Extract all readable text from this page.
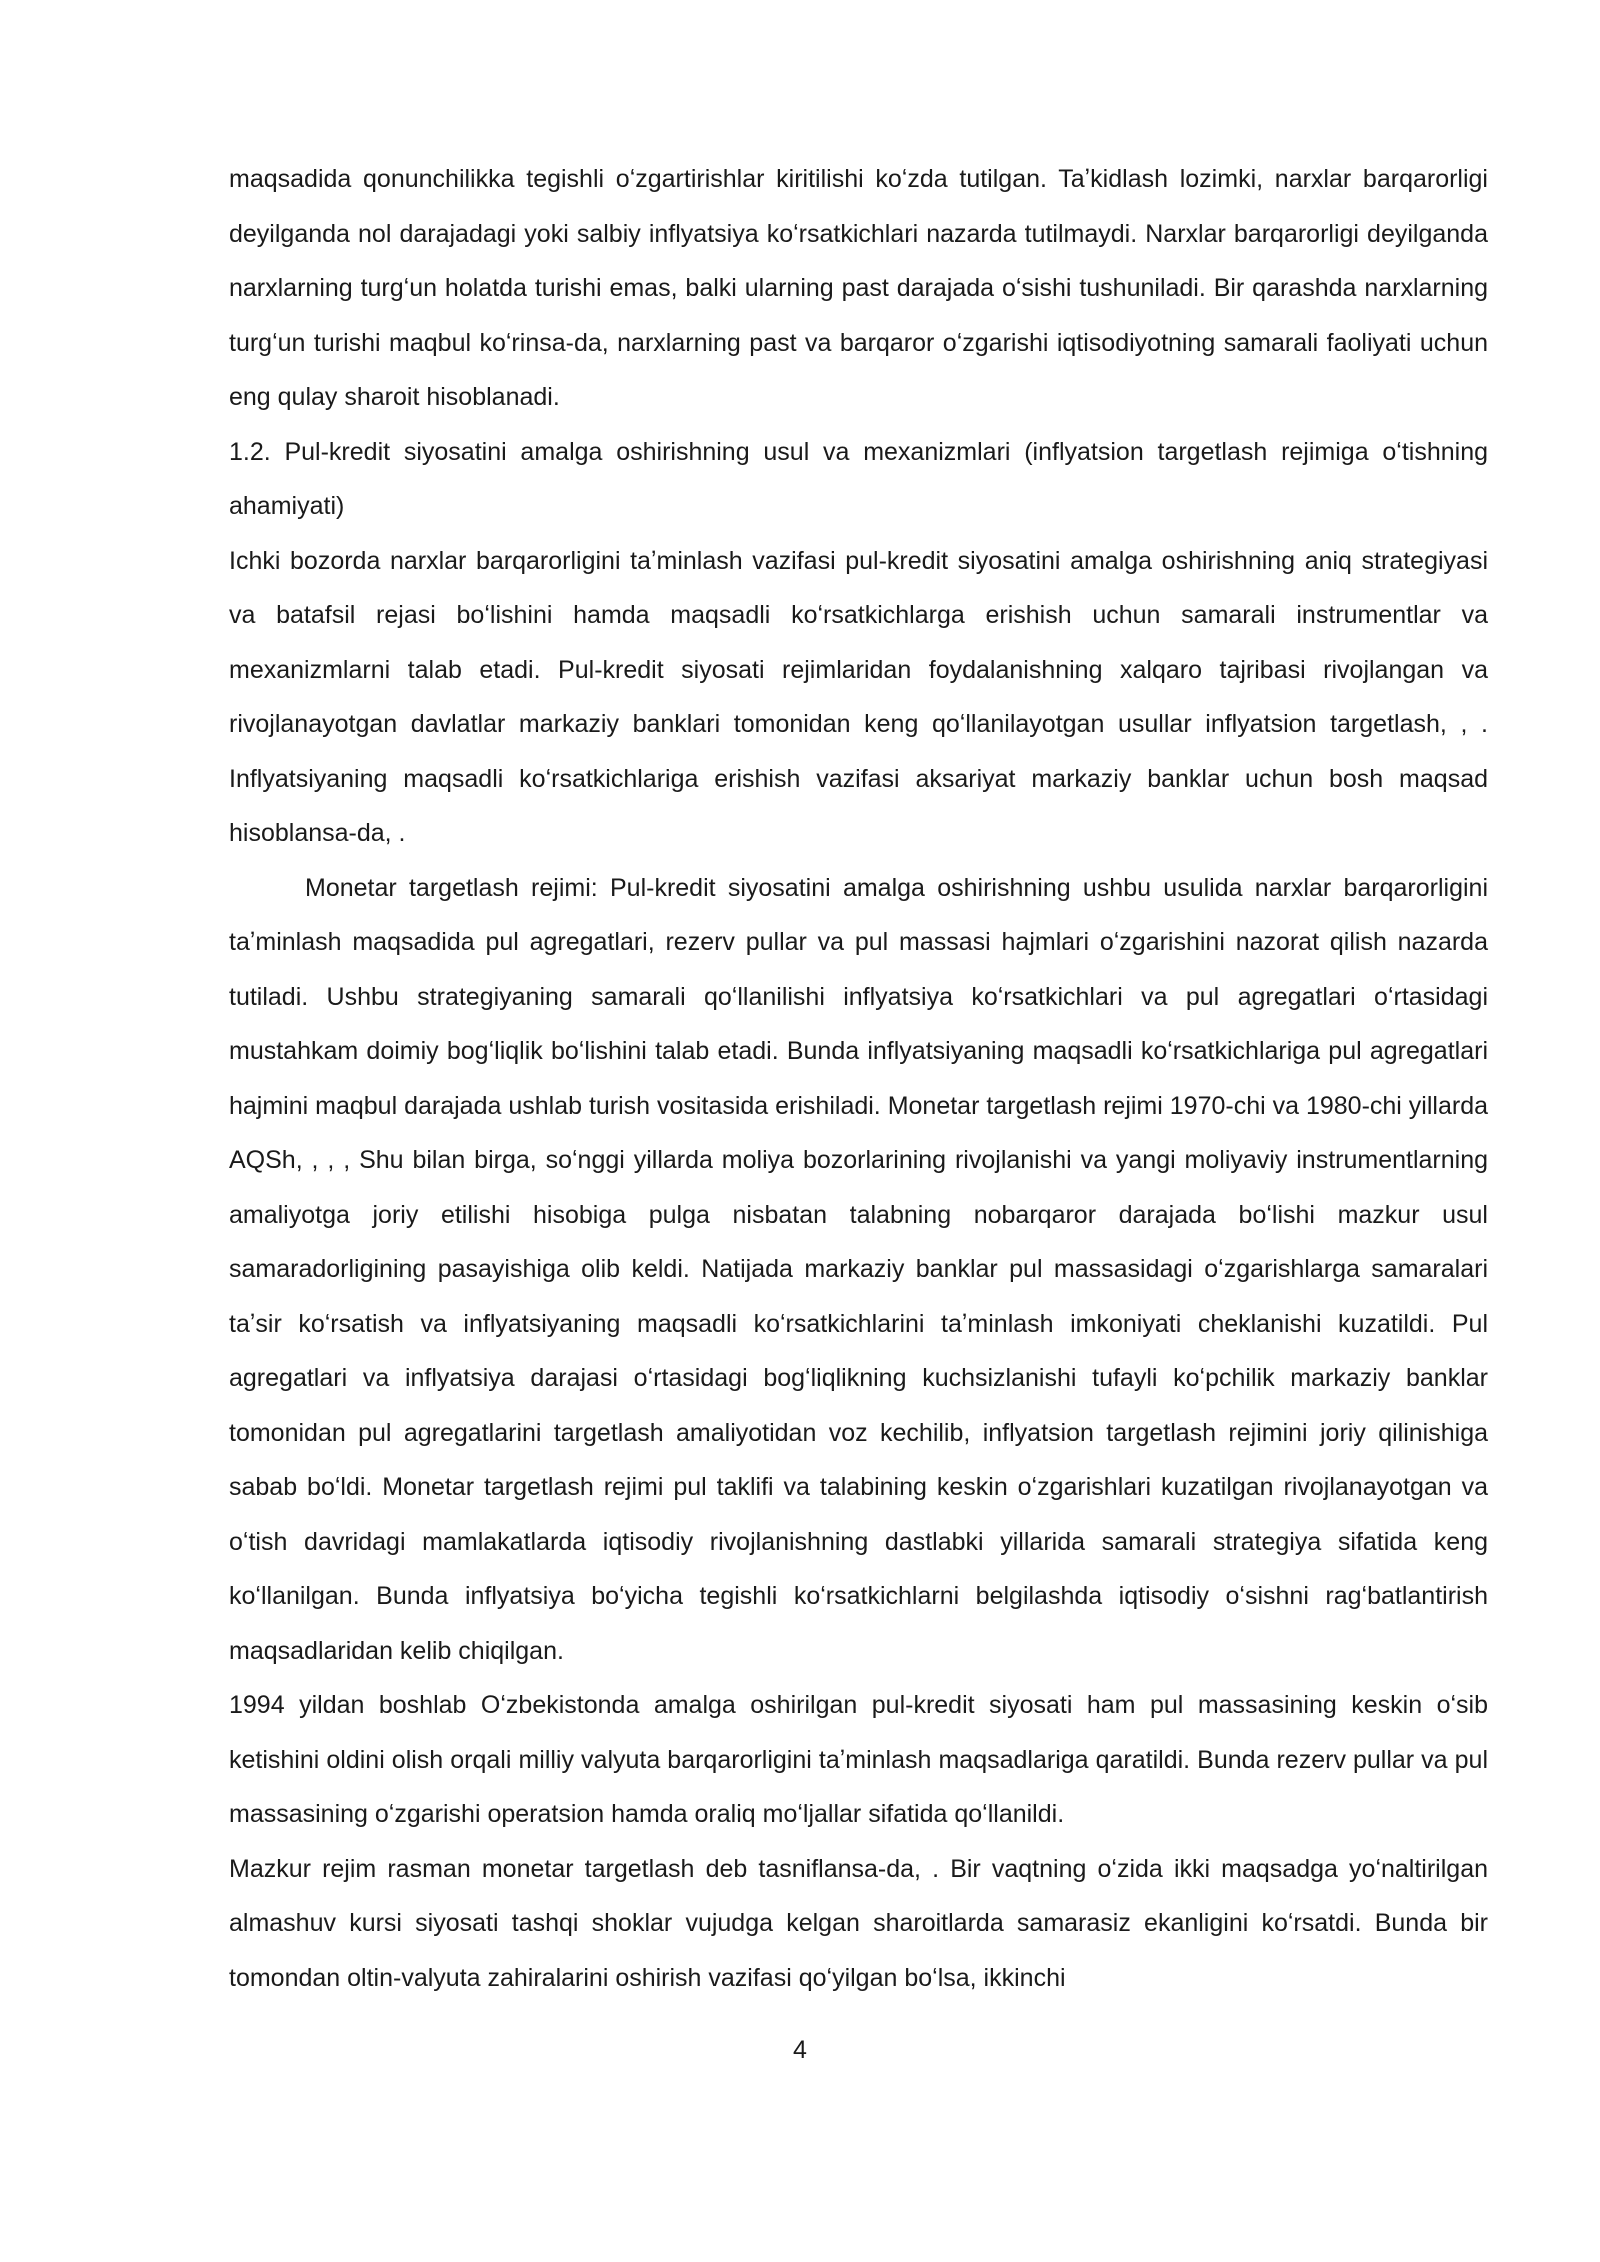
maqsadida qonunchilikka tegishli oʻzgartirishlar kiritilishi koʻzda tutilgan. Taʼkidlash lozimki, narxlar barqarorligi deyilganda nol darajadagi yoki salbiy inflyatsiya koʻrsatkichlari nazarda tutilmaydi. Narxlar barqarorligi deyilganda narxlarning turgʻun holatda turishi emas, balki ularning past darajada oʻsishi tushuniladi. Bir qarashda narxlarning turgʻun turishi maqbul koʻrinsa-da, narxlarning past va barqaror oʻzgarishi iqtisodiyotning samarali faoliyati uchun eng qulay sharoit hisoblanadi.

1.2. Pul-kredit siyosatini amalga oshirishning usul va mexanizmlari (inflyatsion targetlash rejimiga oʻtishning ahamiyati)

Ichki bozorda narxlar barqarorligini taʼminlash vazifasi pul-kredit siyosatini amalga oshirishning aniq strategiyasi va batafsil rejasi boʻlishini hamda maqsadli koʻrsatkichlarga erishish uchun samarali instrumentlar va mexanizmlarni talab etadi. Pul-kredit siyosati rejimlaridan foydalanishning xalqaro tajribasi rivojlangan va rivojlanayotgan davlatlar markaziy banklari tomonidan keng qoʻllanilayotgan usullar inflyatsion targetlash, , . Inflyatsiyaning maqsadli koʻrsatkichlariga erishish vazifasi aksariyat markaziy banklar uchun bosh maqsad hisoblansa-da, .

Monetar targetlash rejimi: Pul-kredit siyosatini amalga oshirishning ushbu usulida narxlar barqarorligini taʼminlash maqsadida pul agregatlari, rezerv pullar va pul massasi hajmlari oʻzgarishini nazorat qilish nazarda tutiladi. Ushbu strategiyaning samarali qoʻllanilishi inflyatsiya koʻrsatkichlari va pul agregatlari oʻrtasidagi mustahkam doimiy bogʻliqlik boʻlishini talab etadi. Bunda inflyatsiyaning maqsadli koʻrsatkichlariga pul agregatlari hajmini maqbul darajada ushlab turish vositasida erishiladi. Monetar targetlash rejimi 1970-chi va 1980-chi yillarda AQSh, , , , Shu bilan birga, soʻnggi yillarda moliya bozorlarining rivojlanishi va yangi moliyaviy instrumentlarning amaliyotga joriy etilishi hisobiga pulga nisbatan talabning nobarqaror darajada boʻlishi mazkur usul samaradorligining pasayishiga olib keldi. Natijada markaziy banklar pul massasidagi oʻzgarishlarga samaralari taʼsir koʻrsatish va inflyatsiyaning maqsadli koʻrsatkichlarini taʼminlash imkoniyati cheklanishi kuzatildi. Pul agregatlari va inflyatsiya darajasi oʻrtasidagi bogʻliqlikning kuchsizlanishi tufayli koʻpchilik markaziy banklar tomonidan pul agregatlarini targetlash amaliyotidan voz kechilib, inflyatsion targetlash rejimini joriy qilinishiga sabab boʻldi. Monetar targetlash rejimi pul taklifi va talabining keskin oʻzgarishlari kuzatilgan rivojlanayotgan va oʻtish davridagi mamlakatlarda iqtisodiy rivojlanishning dastlabki yillarida samarali strategiya sifatida keng koʻllanilgan. Bunda inflyatsiya boʻyicha tegishli koʻrsatkichlarni belgilashda iqtisodiy oʻsishni ragʻbatlantirish maqsadlaridan kelib chiqilgan.

1994 yildan boshlab Oʻzbekistonda amalga oshirilgan pul-kredit siyosati ham pul massasining keskin oʻsib ketishini oldini olish orqali milliy valyuta barqarorligini taʼminlash maqsadlariga qaratildi. Bunda rezerv pullar va pul massasining oʻzgarishi operatsion hamda oraliq moʻljallar sifatida qoʻllanildi.

Mazkur rejim rasman monetar targetlash deb tasniflansa-da, . Bir vaqtning oʻzida ikki maqsadga yoʻnaltirilgan almashuv kursi siyosati tashqi shoklar vujudga kelgan sharoitlarda samarasiz ekanligini koʻrsatdi. Bunda bir tomondan oltin-valyuta zahiralarini oshirish vazifasi qoʻyilgan boʻlsa, ikkinchi

4
